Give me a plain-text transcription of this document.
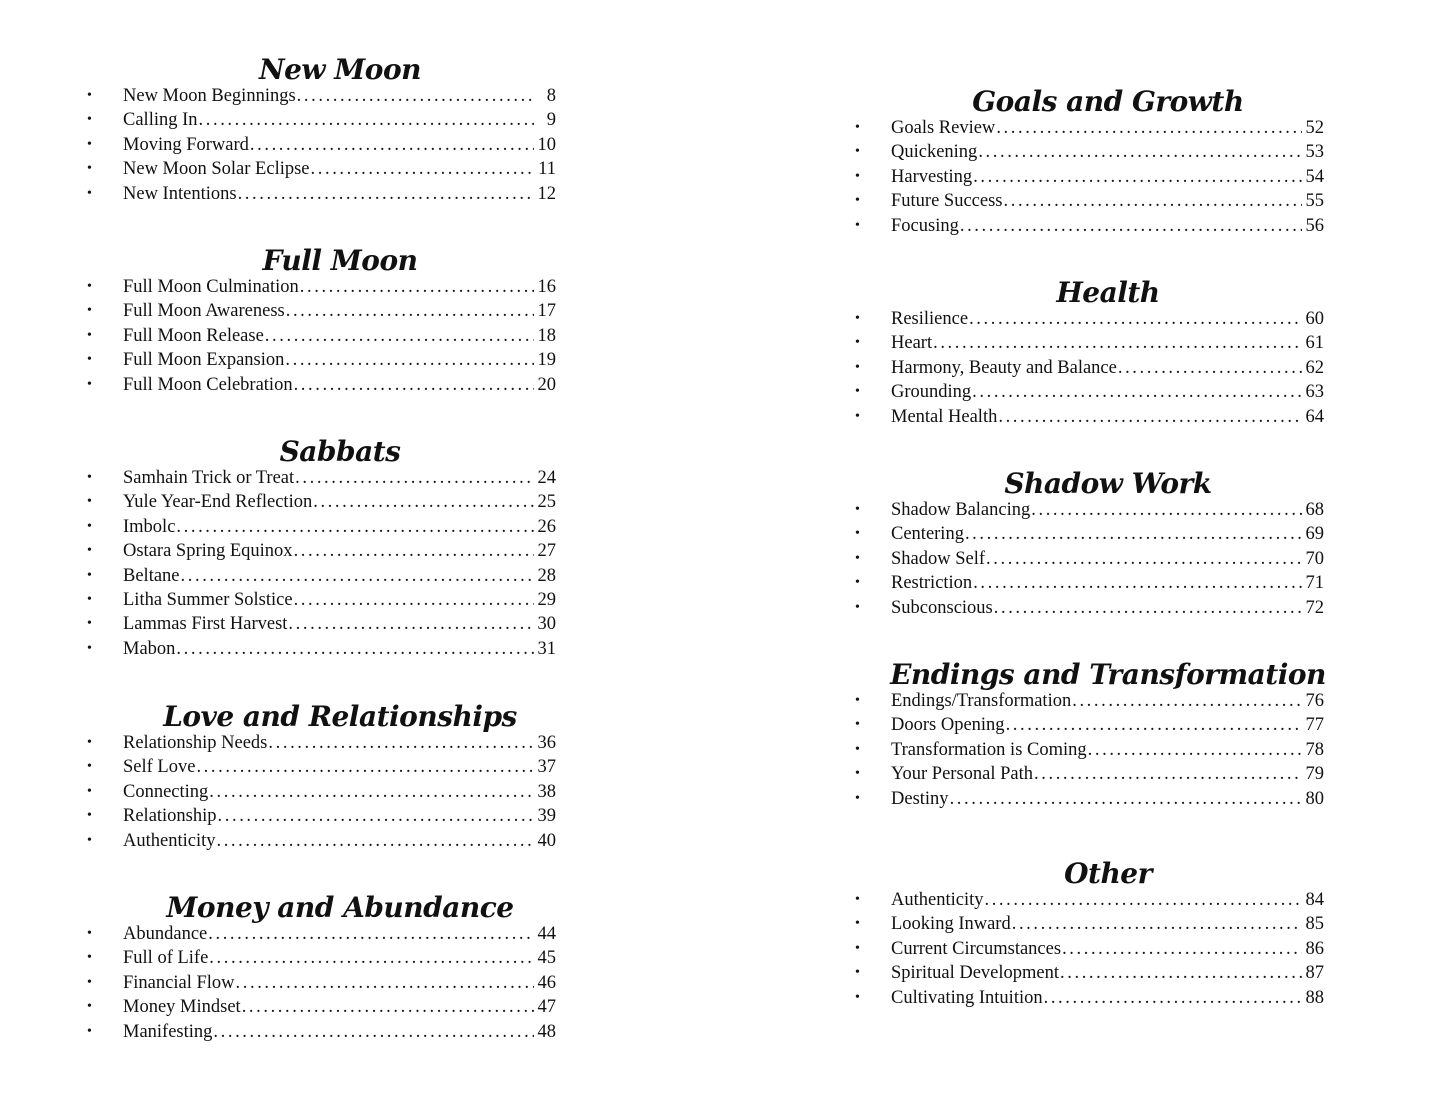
New Moon
• New Moon Beginnings .....	8
• Calling In .....	9
• Moving Forward .....	10
• New Moon Solar Eclipse .....	11
• New Intentions .....	12
Full Moon
• Full Moon Culmination .....	16
• Full Moon Awareness .....	17
• Full Moon Release .....	18
• Full Moon Expansion .....	19
• Full Moon Celebration .....	20
Sabbats
• Samhain Trick or Treat .....	24
• Yule Year-End Reflection .....	25
• Imbolc .....	26
• Ostara Spring Equinox .....	27
• Beltane .....	28
• Litha Summer Solstice .....	29
• Lammas First Harvest .....	30
• Mabon .....	31
Love and Relationships
• Relationship Needs .....	36
• Self Love .....	37
• Connecting .....	38
• Relationship .....	39
• Authenticity .....	40
Money and Abundance
• Abundance .....	44
• Full of Life .....	45
• Financial Flow .....	46
• Money Mindset .....	47
• Manifesting .....	48
Goals and Growth
• Goals Review .....	52
• Quickening .....	53
• Harvesting .....	54
• Future Success .....	55
• Focusing .....	56
Health
• Resilience .....	60
• Heart .....	61
• Harmony, Beauty and Balance .....	62
• Grounding .....	63
• Mental Health .....	64
Shadow Work
• Shadow Balancing .....	68
• Centering .....	69
• Shadow Self .....	70
• Restriction .....	71
• Subconscious .....	72
Endings and Transformation
• Endings/Transformation .....	76
• Doors Opening .....	77
• Transformation is Coming .....	78
• Your Personal Path .....	79
• Destiny .....	80
Other
• Authenticity .....	84
• Looking Inward .....	85
• Current Circumstances .....	86
• Spiritual Development .....	87
• Cultivating Intuition .....	88
